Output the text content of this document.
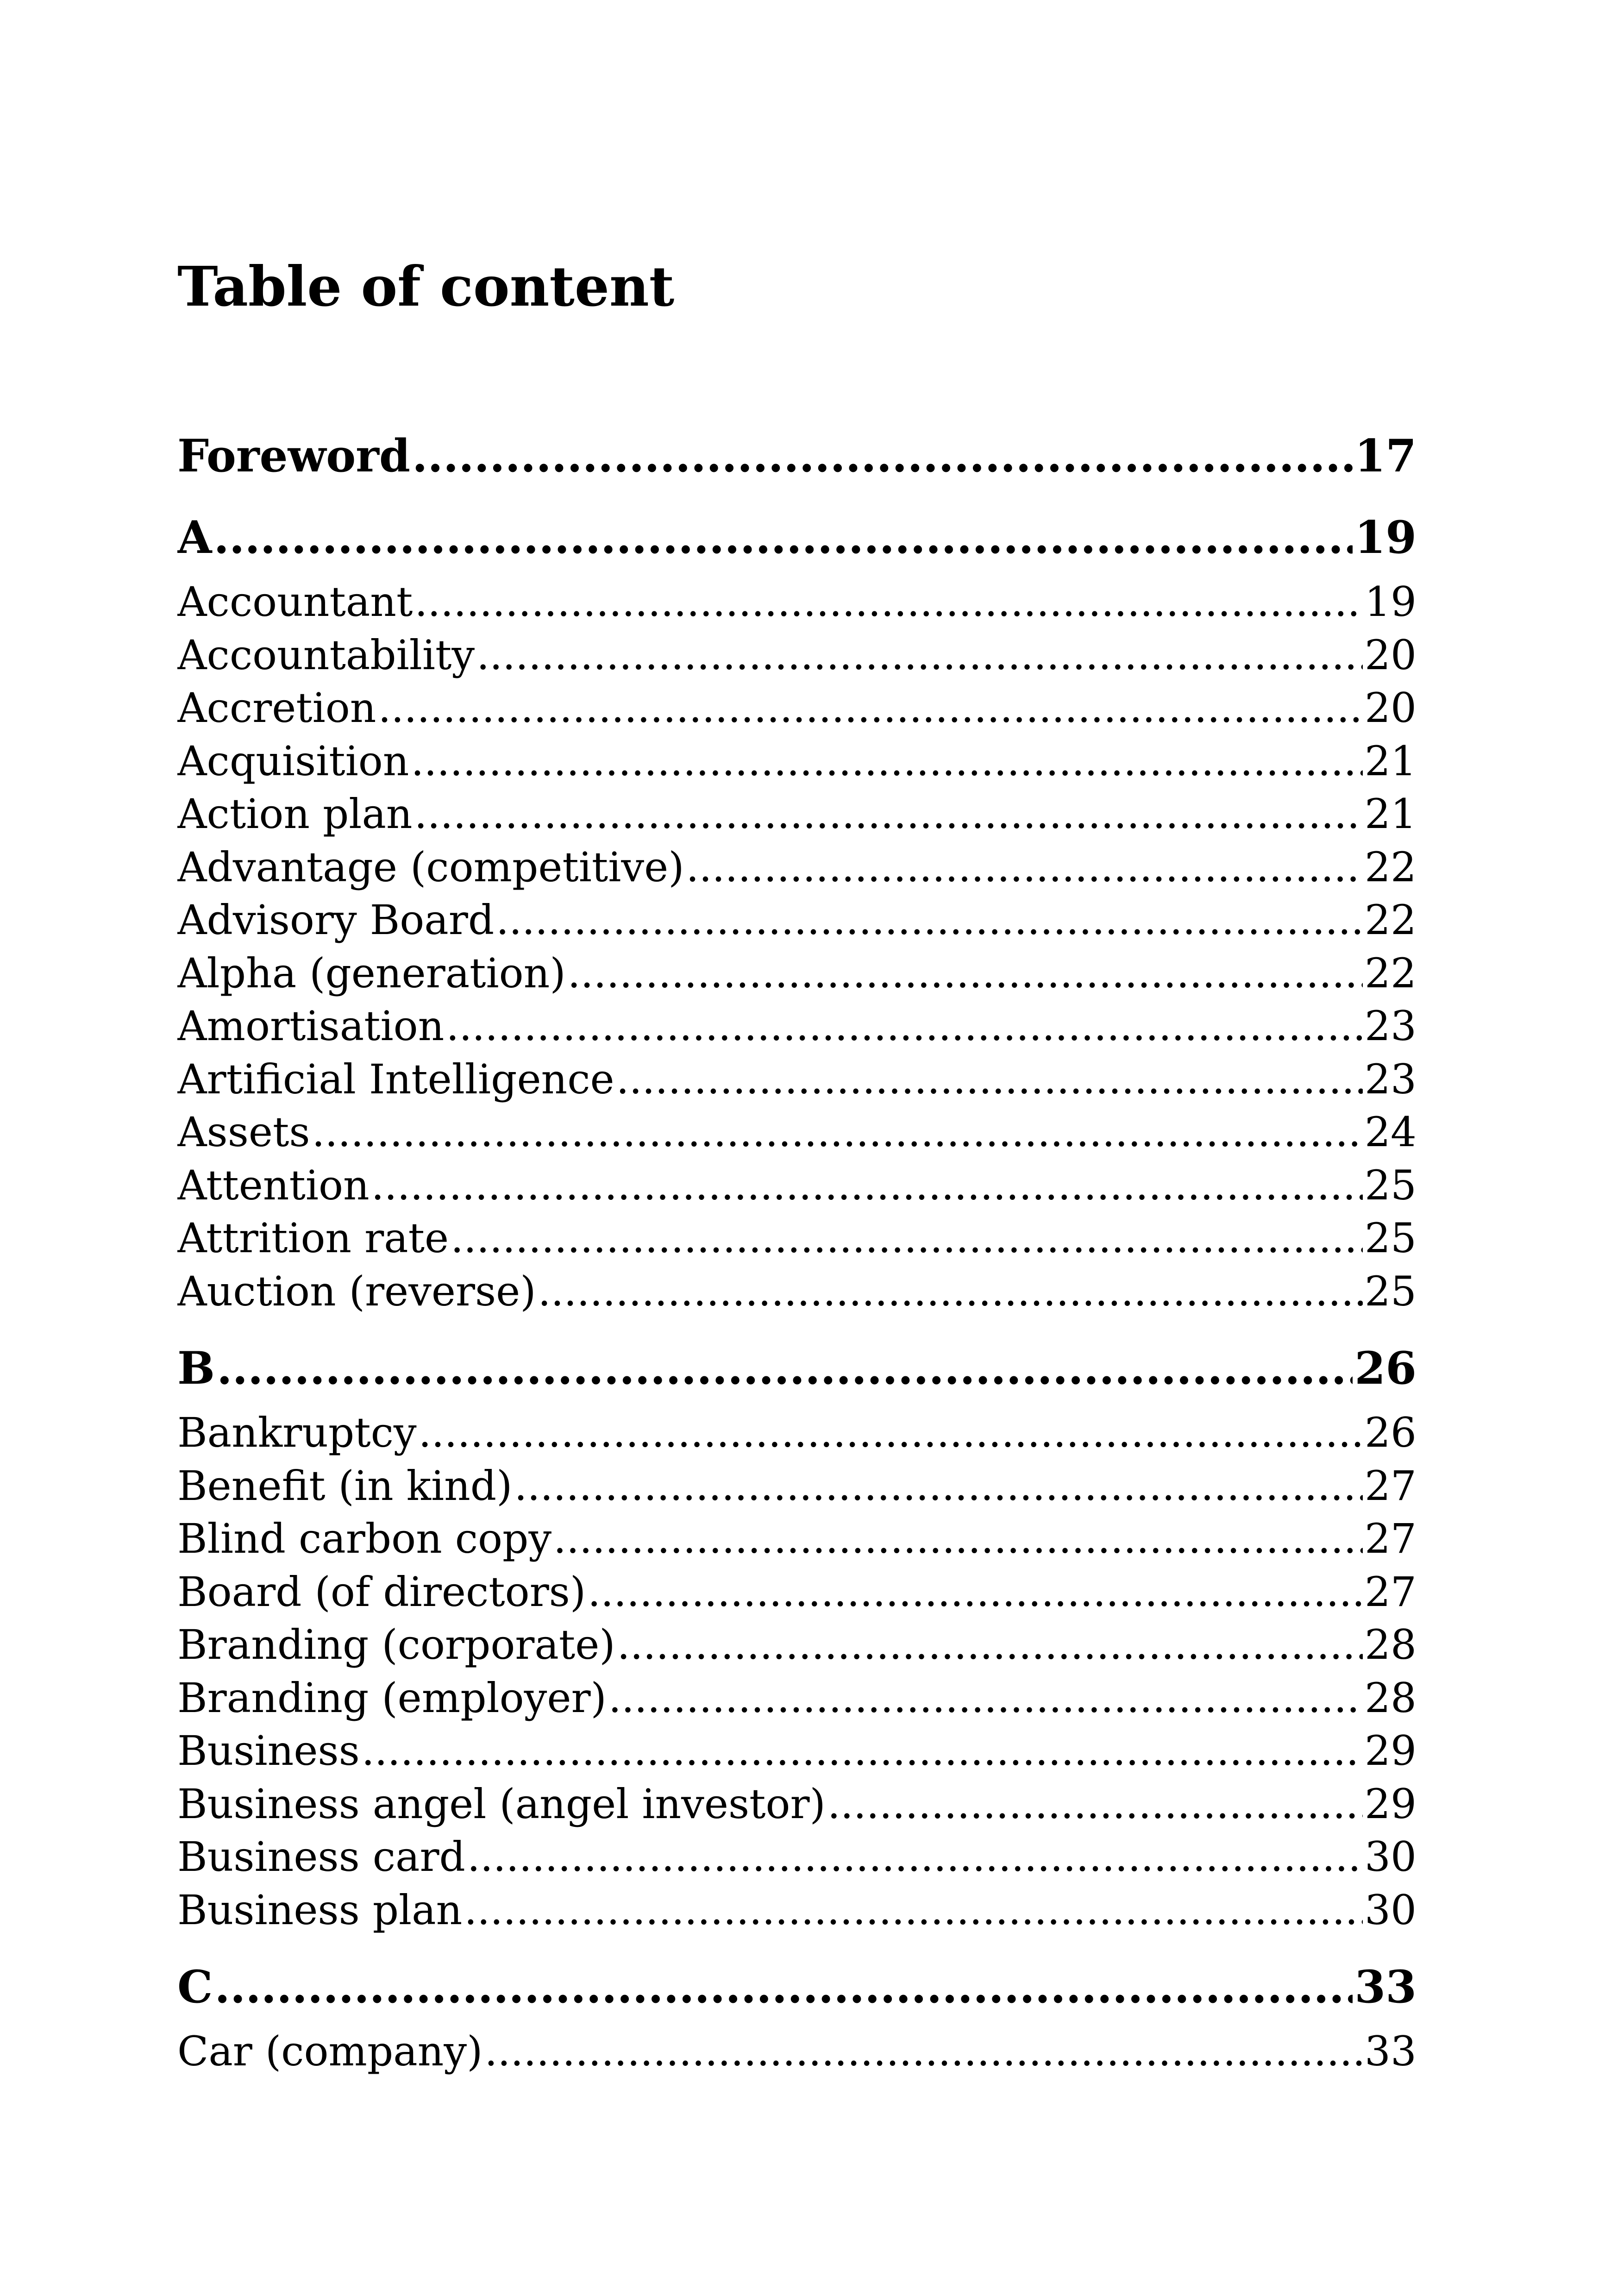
Table of content
Foreword .....	17
A .....	19
Accountant .....	19
Accountability .....	20
Accretion .....	20
Acquisition .....	21
Action plan .....	21
Advantage (competitive) .....	22
Advisory Board .....	22
Alpha (generation) .....	22
Amortisation .....	23
Artificial Intelligence .....	23
Assets .....	24
Attention .....	25
Attrition rate .....	25
Auction (reverse) .....	25
B .....	26
Bankruptcy .....	26
Benefit (in kind) .....	27
Blind carbon copy .....	27
Board (of directors) .....	27
Branding (corporate) .....	28
Branding (employer) .....	28
Business .....	29
Business angel (angel investor) .....	29
Business card .....	30
Business plan .....	30
C .....	33
Car (company) .....	33
